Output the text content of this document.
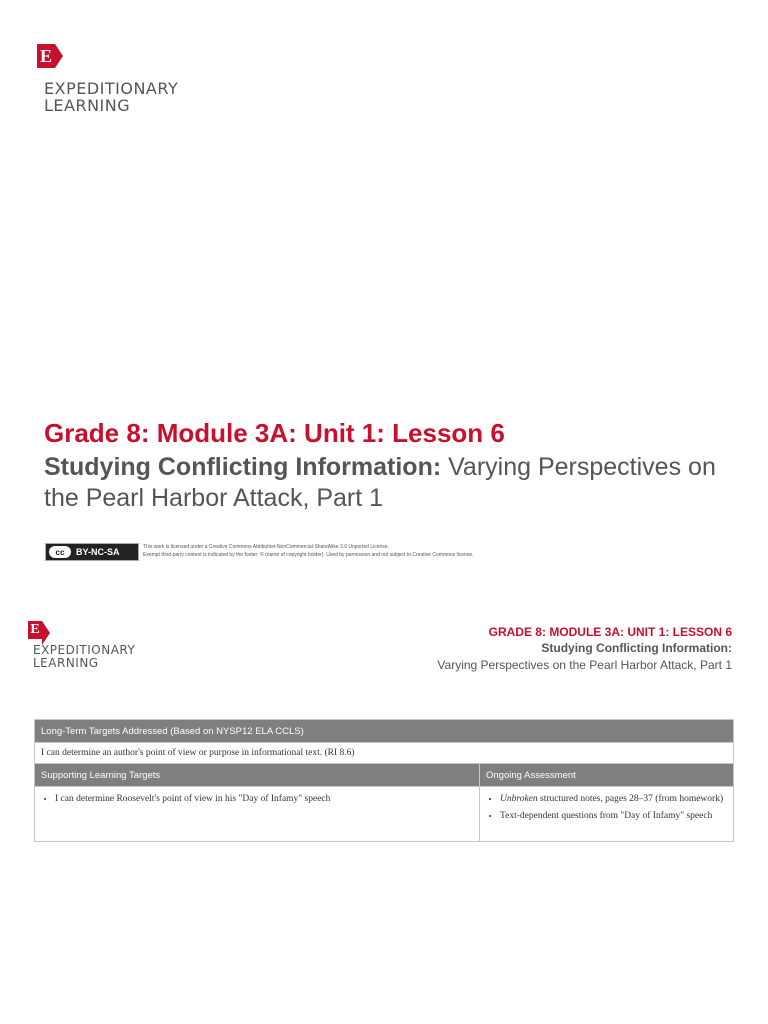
E
EXPEDITIONARY
LEARNING
Grade 8: Module 3A: Unit 1: Lesson 6
Studying Conflicting Information: Varying Perspectives on the Pearl Harbor Attack, Part 1
cc	BY-NC-SA	This work is licensed under a Creative Commons Attribution-NonCommercial-ShareAlike 3.0 Unported License.
Exempt third-party content is indicated by the footer: © (name of copyright holder). Used by permission and not subject to Creative Commons license.
E
EXPEDITIONARY
LEARNING
GRADE 8: MODULE 3A: UNIT 1: LESSON 6
Studying Conflicting Information:
Varying Perspectives on the Pearl Harbor Attack, Part 1
Long-Term Targets Addressed (Based on NYSP12 ELA CCLS)
I can determine an author's point of view or purpose in informational text. (RI 8.6)
Supporting Learning Targets	Ongoing Assessment
• I can determine Roosevelt's point of view in his "Day of Infamy" speech
•	Unbroken structured notes, pages 28–37 (from homework)
• Text-dependent questions from "Day of Infamy" speech
